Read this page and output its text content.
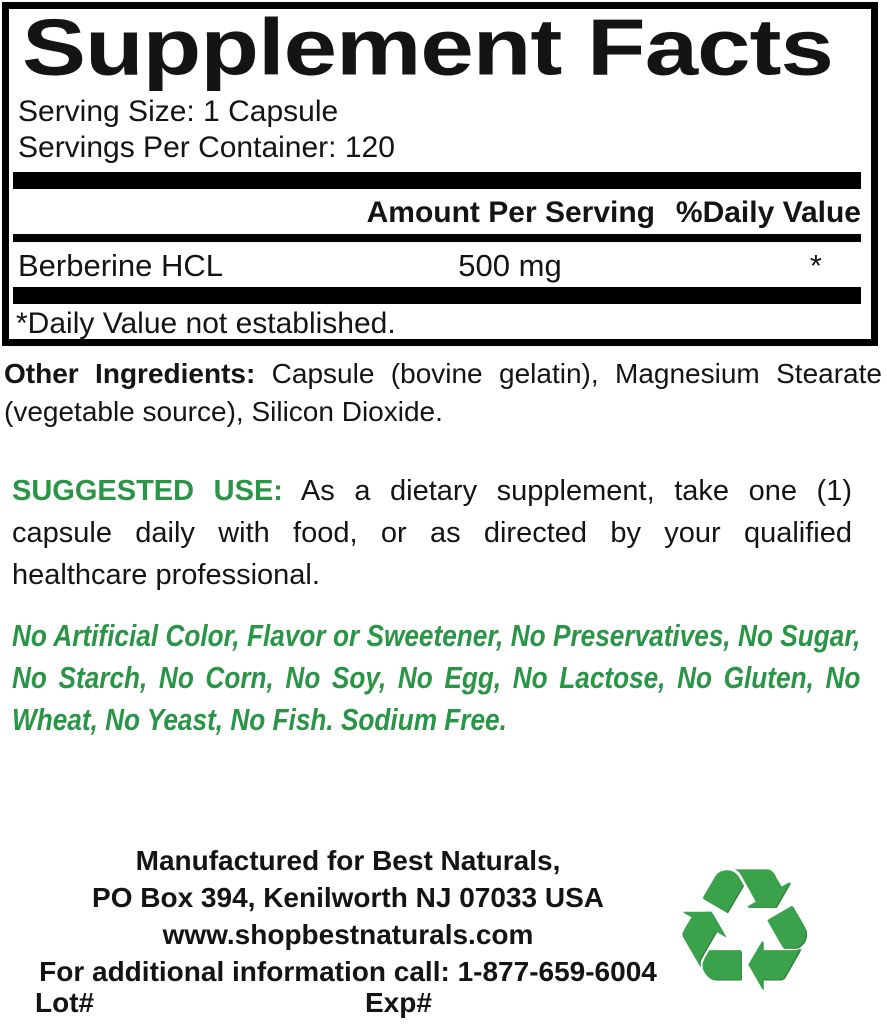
Supplement Facts
Serving Size: 1 Capsule
Servings Per Container: 120
Amount Per Serving %Daily Value
Berberine HCL	500 mg	*
*Daily Value not established.

Other Ingredients: Capsule (bovine gelatin), Magnesium Stearate (vegetable source), Silicon Dioxide.

SUGGESTED USE: As a dietary supplement, take one (1) capsule daily with food, or as directed by your qualified healthcare professional.

No Artificial Color, Flavor or Sweetener, No Preservatives, No Sugar, No Starch, No Corn, No Soy, No Egg, No Lactose, No Gluten, No Wheat, No Yeast, No Fish. Sodium Free.

Manufactured for Best Naturals,
PO Box 394, Kenilworth NJ 07033 USA
www.shopbestnaturals.com
For additional information call: 1-877-659-6004
Lot#	Exp# ♻
